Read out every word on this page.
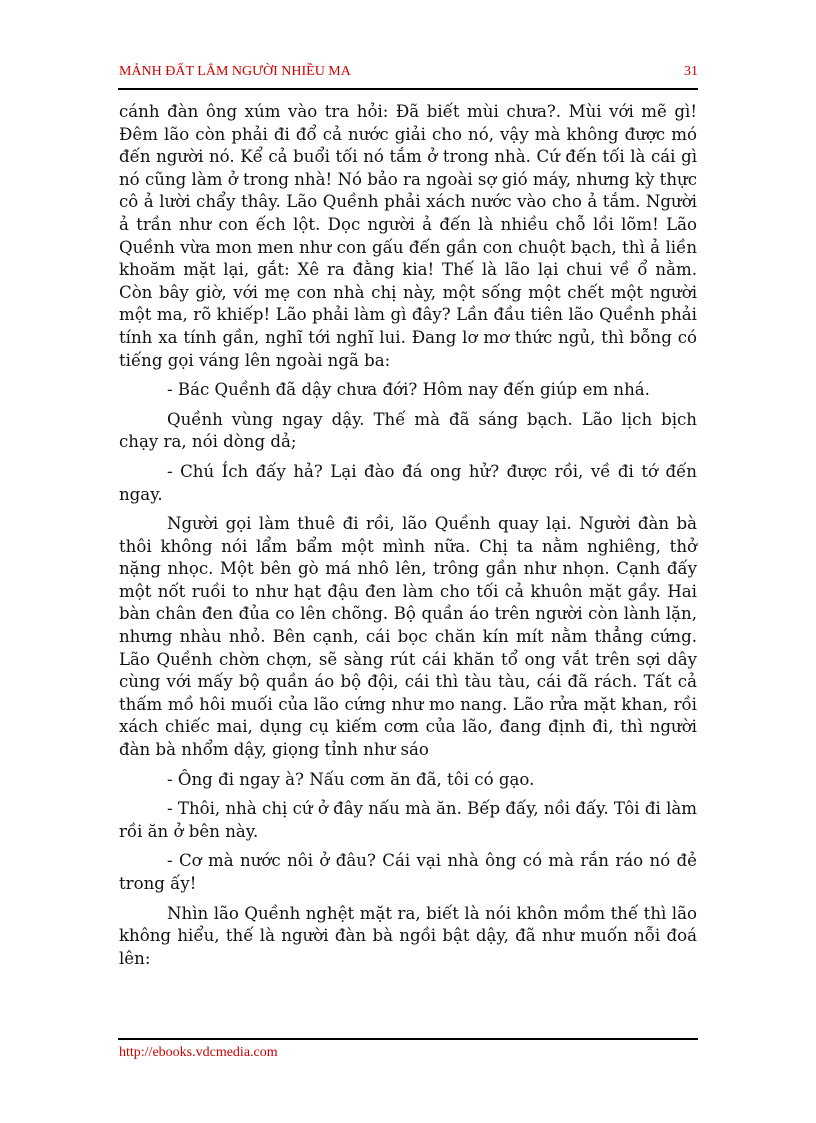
MẢNH ĐẤT LẮM NGƯỜI NHIỀU MA	31

cánh đàn ông xúm vào tra hỏi: Đã biết mùi chưa?. Mùi với mẽ gì! Đêm lão còn phải đi đổ cả nước giải cho nó, vậy mà không được mó đến người nó. Kể cả buổi tối nó tắm ở trong nhà. Cứ đến tối là cái gì nó cũng làm ở trong nhà! Nó bảo ra ngoài sợ gió máy, nhưng kỳ thực cô ả lười chẩy thây. Lão Quềnh phải xách nước vào cho ả tắm. Người ả trần như con ếch lột. Dọc người ả đến là nhiều chỗ lồi lõm! Lão Quềnh vừa mon men như con gấu đến gần con chuột bạch, thì ả liền khoăm mặt lại, gắt: Xê ra đằng kia! Thế là lão lại chui về ổ nằm. Còn bây giờ, với mẹ con nhà chị này, một sống một chết một người một ma, rõ khiếp! Lão phải làm gì đây? Lần đầu tiên lão Quềnh phải tính xa tính gần, nghĩ tới nghĩ lui. Đang lơ mơ thức ngủ, thì bỗng có tiếng gọi váng lên ngoài ngã ba:

- Bác Quềnh đã dậy chưa đới? Hôm nay đến giúp em nhá.

Quềnh vùng ngay dậy. Thế mà đã sáng bạch. Lão lịch bịch chạy ra, nói dòng dả;

- Chú Ích đấy hả? Lại đào đá ong hử? được rồi, về đi tớ đến ngay.

Người gọi làm thuê đi rồi, lão Quềnh quay lại. Người đàn bà thôi không nói lẩm bẩm một mình nữa. Chị ta nằm nghiêng, thở nặng nhọc. Một bên gò má nhô lên, trông gần như nhọn. Cạnh đấy một nốt ruồi to như hạt đậu đen làm cho tối cả khuôn mặt gầy. Hai bàn chân đen đủa co lên chõng. Bộ quần áo trên người còn lành lặn, nhưng nhàu nhỏ. Bên cạnh, cái bọc chăn kín mít nằm thẳng cứng. Lão Quềnh chờn chợn, sẽ sàng rút cái khăn tổ ong vắt trên sợi dây cùng với mấy bộ quần áo bộ đội, cái thì tàu tàu, cái đã rách. Tất cả thấm mồ hôi muối của lão cứng như mo nang. Lão rửa mặt khan, rồi xách chiếc mai, dụng cụ kiếm cơm của lão, đang định đi, thì người đàn bà nhổm dậy, giọng tỉnh như sáo

- Ông đi ngay à? Nấu cơm ăn đã, tôi có gạo.

- Thôi, nhà chị cứ ở đây nấu mà ăn. Bếp đấy, nồi đấy. Tôi đi làm rồi ăn ở bên này.

- Cơ mà nước nôi ở đâu? Cái vại nhà ông có mà rắn ráo nó đẻ trong ấy!

Nhìn lão Quềnh nghệt mặt ra, biết là nói khôn mồm thế thì lão không hiểu, thế là người đàn bà ngồi bật dậy, đã như muốn nỗi đoá lên:

http://ebooks.vdcmedia.com
